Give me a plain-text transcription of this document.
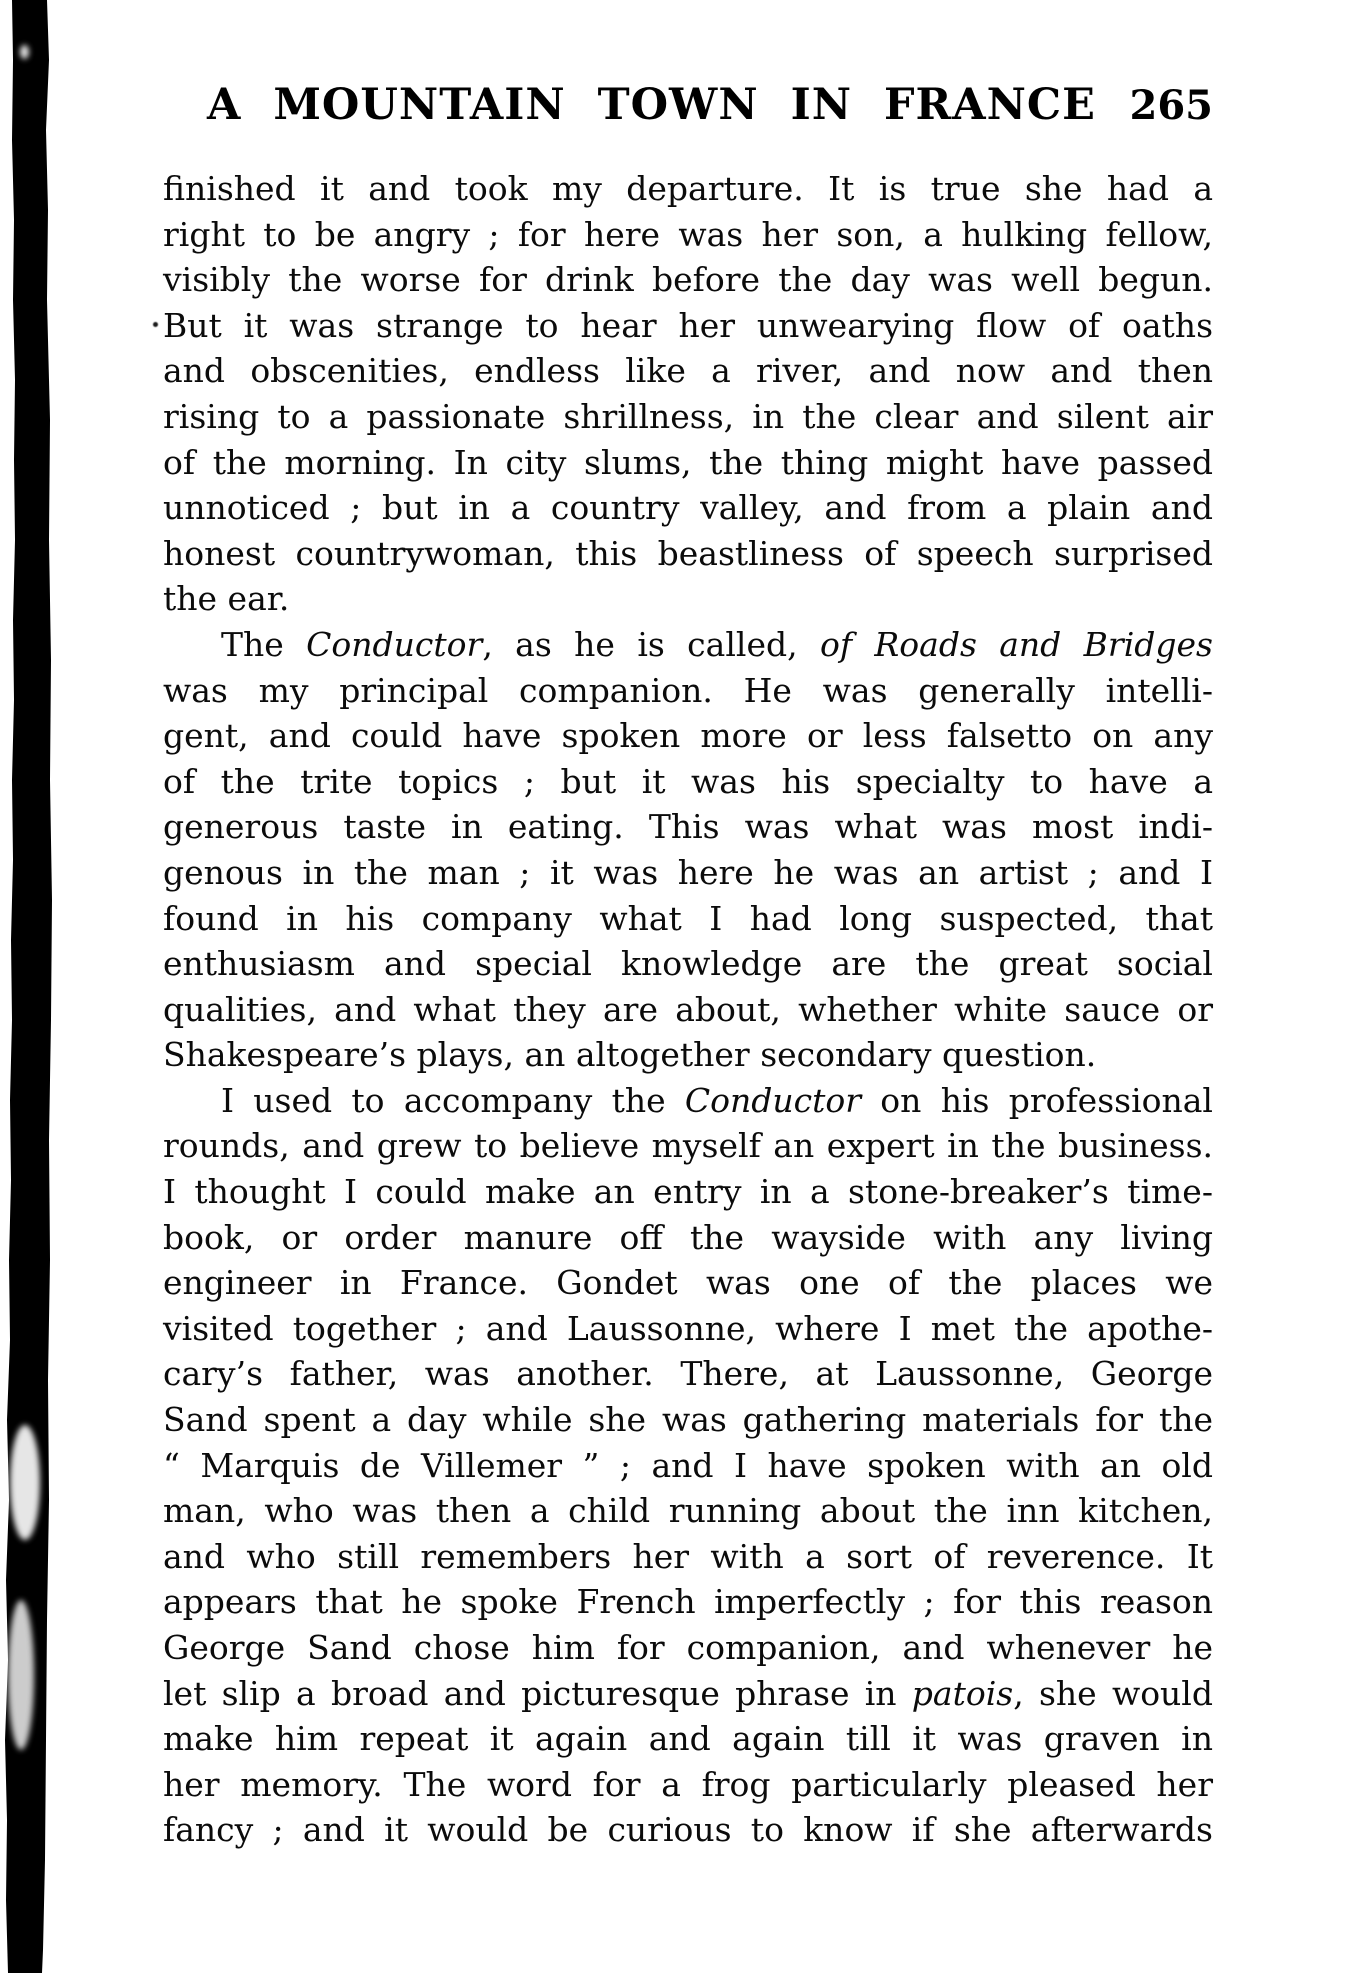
A MOUNTAIN TOWN IN FRANCE 265
finished it and took my departure. It is true she had a
right to be angry ; for here was her son, a hulking fellow,
visibly the worse for drink before the day was well begun.
But it was strange to hear her unwearying flow of oaths
and obscenities, endless like a river, and now and then
rising to a passionate shrillness, in the clear and silent air
of the morning. In city slums, the thing might have passed
unnoticed ; but in a country valley, and from a plain and
honest countrywoman, this beastliness of speech surprised
the ear.
The Conductor, as he is called, of Roads and Bridges
was my principal companion. He was generally intelli-
gent, and could have spoken more or less falsetto on any
of the trite topics ; but it was his specialty to have a
generous taste in eating. This was what was most indi-
genous in the man ; it was here he was an artist ; and I
found in his company what I had long suspected, that
enthusiasm and special knowledge are the great social
qualities, and what they are about, whether white sauce or
Shakespeare’s plays, an altogether secondary question.
I used to accompany the Conductor on his professional
rounds, and grew to believe myself an expert in the business.
I thought I could make an entry in a stone-breaker’s time-
book, or order manure off the wayside with any living
engineer in France. Gondet was one of the places we
visited together ; and Laussonne, where I met the apothe-
cary’s father, was another. There, at Laussonne, George
Sand spent a day while she was gathering materials for the
“ Marquis de Villemer ” ; and I have spoken with an old
man, who was then a child running about the inn kitchen,
and who still remembers her with a sort of reverence. It
appears that he spoke French imperfectly ; for this reason
George Sand chose him for companion, and whenever he
let slip a broad and picturesque phrase in patois, she would
make him repeat it again and again till it was graven in
her memory. The word for a frog particularly pleased her
fancy ; and it would be curious to know if she afterwards
